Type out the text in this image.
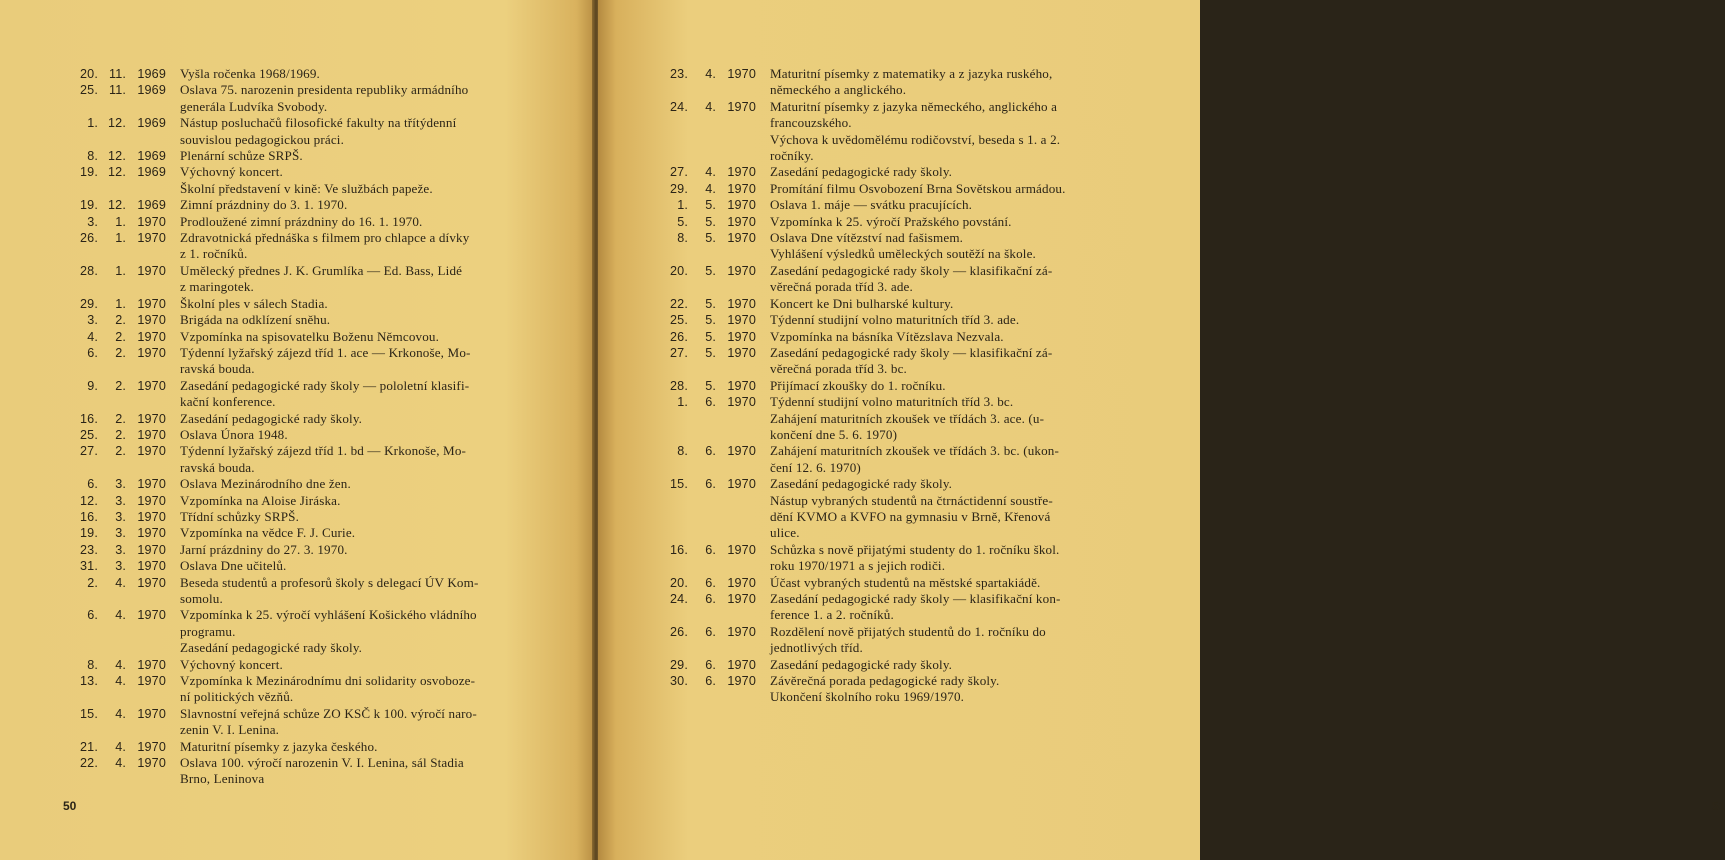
20. 11. 1969	Vyšla ročenka 1968/1969.
25. 11. 1969	Oslava 75. narozenin presidenta republiky armádního
generála Ludvíka Svobody.
1. 12. 1969	Nástup posluchačů filosofické fakulty na třítýdenní
souvislou pedagogickou práci.
8. 12. 1969	Plenární schůze SRPŠ.
19. 12. 1969	Výchovný koncert.
Školní představení v kině: Ve službách papeže.
19. 12. 1969	Zimní prázdniny do 3. 1. 1970.
3.	1. 1970	Prodloužené zimní prázdniny do 16. 1. 1970.
26.	1. 1970	Zdravotnická přednáška s filmem pro chlapce a dívky
z 1. ročníků.
28.	1. 1970	Umělecký přednes J. K. Grumlíka — Ed. Bass, Lidé
z maringotek.
29.	1. 1970	Školní ples v sálech Stadia.
3.	2. 1970	Brigáda na odklízení sněhu.
4.	2. 1970	Vzpomínka na spisovatelku Boženu Němcovou.
6.	2. 1970	Týdenní lyžařský zájezd tříd 1. ace — Krkonoše, Mo-
ravská bouda.
9.	2. 1970	Zasedání pedagogické rady školy — pololetní klasifi-
kační konference.
16.	2. 1970	Zasedání pedagogické rady školy.
25.	2. 1970	Oslava Února 1948.
27.	2. 1970	Týdenní lyžařský zájezd tříd 1. bd — Krkonoše, Mo-
ravská bouda.
6.	3. 1970	Oslava Mezinárodního dne žen.
12.	3. 1970	Vzpomínka na Aloise Jiráska.
16.	3. 1970	Třídní schůzky SRPŠ.
19.	3. 1970	Vzpomínka na vědce F. J. Curie.
23.	3. 1970	Jarní prázdniny do 27. 3. 1970.
31.	3. 1970	Oslava Dne učitelů.
2.	4. 1970	Beseda studentů a profesorů školy s delegací ÚV Kom-
somolu.
6.	4. 1970	Vzpomínka k 25. výročí vyhlášení Košického vládního
programu.
Zasedání pedagogické rady školy.
8.	4. 1970	Výchovný koncert.
13.	4. 1970	Vzpomínka k Mezinárodnímu dni solidarity osvoboze-
ní politických vězňů.
15.	4. 1970	Slavnostní veřejná schůze ZO KSČ k 100. výročí naro-
zenin V. I. Lenina.
21.	4. 1970	Maturitní písemky z jazyka českého.
22.	4. 1970	Oslava 100. výročí narozenin V. I. Lenina, sál Stadia
Brno, Leninova
50	51
23.	4. 1970	Maturitní písemky z matematiky a z jazyka ruského,
německého a anglického.
24.	4. 1970	Maturitní písemky z jazyka německého, anglického a
francouzského.
Výchova k uvědomělému rodičovství, beseda s 1. a 2.
ročníky.
27.	4. 1970	Zasedání pedagogické rady školy.
29.	4. 1970	Promítání filmu Osvobození Brna Sovětskou armádou.
1.	5. 1970	Oslava 1. máje — svátku pracujících.
5.	5. 1970	Vzpomínka k 25. výročí Pražského povstání.
8.	5. 1970	Oslava Dne vítězství nad fašismem.
Vyhlášení výsledků uměleckých soutěží na škole.
20.	5. 1970	Zasedání pedagogické rady školy — klasifikační zá-
věrečná porada tříd 3. ade.
22.	5. 1970	Koncert ke Dni bulharské kultury.
25.	5. 1970	Týdenní studijní volno maturitních tříd 3. ade.
26.	5. 1970	Vzpomínka na básníka Vítězslava Nezvala.
27.	5. 1970	Zasedání pedagogické rady školy — klasifikační zá-
věrečná porada tříd 3. bc.
28.	5. 1970	Přijímací zkoušky do 1. ročníku.
1.	6. 1970	Týdenní studijní volno maturitních tříd 3. bc.
Zahájení maturitních zkoušek ve třídách 3. ace. (u-
končení dne 5. 6. 1970)
8.	6. 1970	Zahájení maturitních zkoušek ve třídách 3. bc. (ukon-
čení 12. 6. 1970)
15.	6. 1970	Zasedání pedagogické rady školy.
Nástup vybraných studentů na čtrnáctidenní soustře-
dění KVMO a KVFO na gymnasiu v Brně, Křenová
ulice.
16.	6. 1970	Schůzka s nově přijatými studenty do 1. ročníku škol.
roku 1970/1971 a s jejich rodiči.
20.	6. 1970	Účast vybraných studentů na městské spartakiádě.
24.	6. 1970	Zasedání pedagogické rady školy — klasifikační kon-
ference 1. a 2. ročníků.
26.	6. 1970	Rozdělení nově přijatých studentů do 1. ročníku do
jednotlivých tříd.
29.	6. 1970	Zasedání pedagogické rady školy.
30.	6. 1970	Závěrečná porada pedagogické rady školy.
Ukončení školního roku 1969/1970.
